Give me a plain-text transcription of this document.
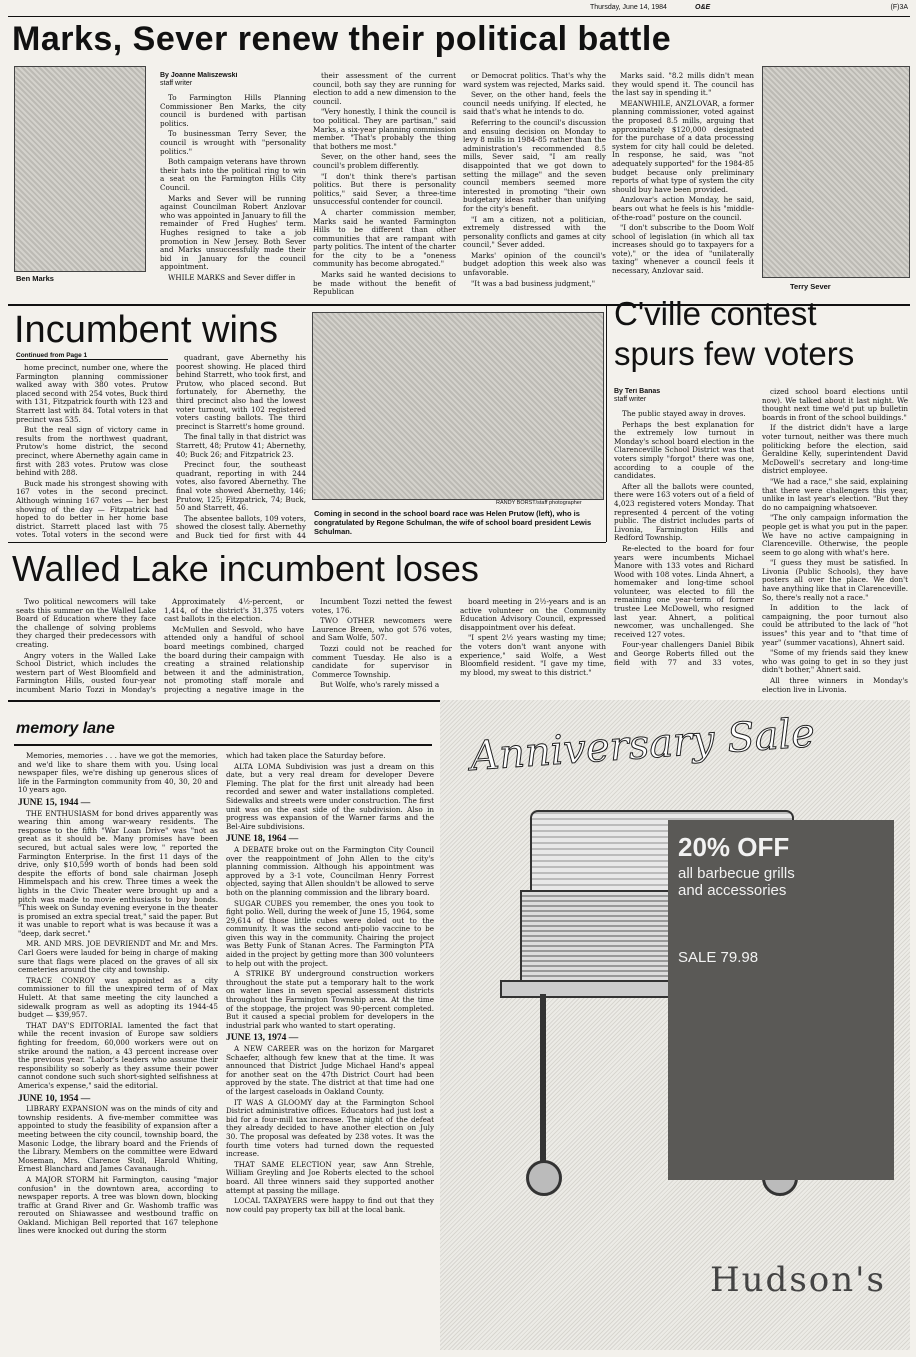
Thursday, June 14, 1984	O&E	(F)3A
Marks, Sever renew their political battle
Ben Marks
By Joanne Maliszewski
staff writer

To Farmington Hills Planning Commissioner Ben Marks, the city council is burdened with partisan politics.

To businessman Terry Sever, the council is wrought with "personality politics."

Both campaign veterans have thrown their hats into the political ring to win a seat on the Farmington Hills City Council.

Marks and Sever will be running against Councilman Robert Anzlovar who was appointed in January to fill the remainder of Fred Hughes' term. Hughes resigned to take a job promotion in New Jersey. Both Sever and Marks unsuccessfully made their bid in January for the council appointment.

WHILE MARKS and Sever differ in

their assessment of the current council, both say they are running for election to add a new dimension to the council.

"Very honestly, I think the council is too political. They are partisan," said Marks, a six-year planning commission member. "That's probably the thing that bothers me most."

Sever, on the other hand, sees the council's problem differently.

"I don't think there's partisan politics. But there is personality politics," said Sever, a three-time unsuccessful contender for council.

A charter commission member, Marks said he wanted Farmington Hills to be different than other communities that are rampant with party politics. The intent of the charter for the city to be a "oneness community has become abrogated."

Marks said he wanted decisions to be made without the benefit of Republican

or Democrat politics. That's why the ward system was rejected, Marks said.

Sever, on the other hand, feels the council needs unifying. If elected, he said that's what he intends to do.

Referring to the council's discussion and ensuing decision on Monday to levy 8 mills in 1984-85 rather than the administration's recommended 8.5 mills, Sever said, "I am really disappointed that we got down to setting the millage" and the seven council members seemed more interested in promoting "their own budgetary ideas rather than unifying for the city's benefit.

"I am a citizen, not a politician, extremely distressed with the personality conflicts and games at city council," Sever added.

Marks' opinion of the council's budget adoption this week also was unfavorable.

"It was a bad business judgment,"

Marks said. "8.2 mills didn't mean they would spend it. The council has the last say in spending it."

MEANWHILE, ANZLOVAR, a former planning commissioner, voted against the proposed 8.5 mills, arguing that approximately $120,000 designated for the purchase of a data processing system for city hall could be deleted. In response, he said, was "not adequately supported" for the 1984-85 budget because only preliminary reports of what type of system the city should buy have been provided.

Anzlovar's action Monday, he said, bears out what he feels is his "middle-of-the-road" posture on the council.

"I don't subscribe to the Doom Wolf school of legislation (in which all tax increases should go to taxpayers for a vote)," or the idea of "unilaterally taxing" whenever a council feels it necessary, Anzlovar said.

Terry Sever
Incumbent wins
Continued from Page 1

home precinct, number one, where the Farmington planning commissioner walked away with 380 votes. Prutow placed second with 254 votes, Buck third with 131, Fitzpatrick fourth with 123 and Starrett last with 84. Total voters in that precinct was 535.

But the real sign of victory came in results from the northwest quadrant, Prutow's home district, the second precinct, where Abernethy again came in first with 283 votes. Prutow was close behind with 288.

Buck made his strongest showing with 167 votes in the second precinct. Although winning 167 votes — her best showing of the day — Fitzpatrick had hoped to do better in her home base district. Starrett placed last with 75 votes. Total voters in the second were

quadrant, gave Abernethy his poorest showing. He placed third behind Starrett, who took first, and Prutow, who placed second. But fortunately, for Abernethy, the third precinct also had the lowest voter turnout, with 102 registered voters casting ballots. The third precinct is Starrett's home ground.

The final tally in that district was Starrett, 48; Prutow 41; Abernethy, 40; Buck 26; and Fitzpatrick 23.

Precinct four, the southeast quadrant, reporting in with 244 votes, also favored Abernethy. The final vote showed Abernethy, 146; Prutow, 125; Fitzpatrick, 74; Buck, 50 and Starrett, 46.

The absentee ballots, 109 voters, showed the closest tally. Abernethy and Buck tied for first with 44

RANDY BORST/staff photographer
Coming in second in the school board race was Helen Prutow (left), who is congratulated by Regone Schulman, the wife of school board president Lewis Schulman.
C'ville contest
spurs few voters
By Teri Banas
staff writer

The public stayed away in droves.

Perhaps the best explanation for the extremely low turnout in Monday's school board election in the Clarenceville School District was that voters simply "forgot" there was one, according to a couple of the candidates.

After all the ballots were counted, there were 163 voters out of a field of 4,023 registered voters Monday. That represented 4 percent of the voting public. The district includes parts of Livonia, Farmington Hills and Redford Township.

Re-elected to the board for four years were incumbents Michael Manore with 133 votes and Richard Wood with 108 votes. Linda Ahnert, a homemaker and long-time school volunteer, was elected to fill the remaining one year-term of former trustee Lee McDowell, who resigned last year. Ahnert, a political newcomer, was unchallenged. She received 127 votes.

Four-year challengers Daniel Bibik and George Roberts filled out the field with 77 and 33 votes,

cized school board elections until now). We talked about it last night. We thought next time we'd put up bulletin boards in front of the school buildings."

If the district didn't have a large voter turnout, neither was there much politicking before the election, said Geraldine Kelly, superintendent David McDowell's secretary and long-time district employee.

"We had a race," she said, explaining that there were challengers this year, unlike in last year's election. "But they do no campaigning whatsoever.

"The only campaign information the people get is what you put in the paper. We have no active campaigning in Clarenceville. Otherwise, the people seem to go along with what's here.

"I guess they must be satisfied. In Livonia (Public Schools), they have posters all over the place. We don't have anything like that in Clarenceville. So, there's really not a race."

In addition to the lack of campaigning, the poor turnout also could be attributed to the lack of "hot issues" this year and to "that time of year" (summer vacations), Ahnert said.

"Some of my friends said they knew who was going to get in so they just didn't bother," Ahnert said.

All three winners in Monday's election live in Livonia.

Walled Lake incumbent loses

Two political newcomers will take seats this summer on the Walled Lake Board of Education where they face the challenge of solving problems they charged their predecessors with creating.

Angry voters in the Walled Lake School District, which includes the western part of West Bloomfield and Farmington Hills, ousted four-year incumbent Mario Tozzi in Monday's

Approximately 4½-percent, or 1,414, of the district's 31,375 voters cast ballots in the election.

McMullen and Sesvold, who have attended only a handful of school board meetings combined, charged the board during their campaign with creating a strained relationship between it and the administration, not promoting staff morale and projecting a negative image in the

Incumbent Tozzi netted the fewest votes, 176.

TWO OTHER newcomers were Laurence Breen, who got 576 votes, and Sam Wolfe, 507.

Tozzi could not be reached for comment Tuesday. He also is a candidate for supervisor in Commerce Township.

But Wolfe, who's rarely missed a

board meeting in 2½-years and is an active volunteer on the Community Education Advisory Council, expressed disappointment over his defeat.

"I spent 2½ years wasting my time; the voters don't want anyone with experience," said Wolfe, a West Bloomfield resident. "I gave my time, my blood, my sweat to this district."

memory lane

Memories, memories . . . have we got the memories, and we'd like to share them with you. Using local newspaper files, we're dishing up generous slices of life in the Farmington community from 40, 30, 20 and 10 years ago.

JUNE 15, 1944 —

THE ENTHUSIASM for bond drives apparently was wearing thin among war-weary residents. The response to the fifth "War Loan Drive" was "not as great as it should be. Many promises have been secured, but actual sales were low, " reported the Farmington Enterprise. In the first 11 days of the drive, only $10,599 worth of bonds had been sold despite the efforts of bond sale chairman Joseph Himmelspach and his crew. Three times a week the lights in the Civic Theater were brought up and a pitch was made to movie enthusiasts to buy bonds. "This week on Sunday evening everyone in the theater is promised an extra special treat," said the paper. But it was unable to report what is was because it was a "deep, dark secret."

MR. AND MRS. JOE DEVRIENDT and Mr. and Mrs. Carl Goers were lauded for being in charge of making sure that flags were placed on the graves of all six cemeteries around the city and township.

TRACE CONROY was appointed as a city commissioner to fill the unexpired term of of Max Hulett. At that same meeting the city launched a sidewalk program as well as adopting its 1944-45 budget — $39,957.

THAT DAY'S EDITORIAL lamented the fact that while the recent invasion of Europe saw soldiers fighting for freedom, 60,000 workers were out on strike around the nation, a 43 percent increase over the previous year. "Labor's leaders who assume their responsibility so soberly as they assume their power cannot condone such such short-sighted selfishness at America's expense," said the editorial.

JUNE 10, 1954 —

LIBRARY EXPANSION was on the minds of city and township residents. A five-member committee was appointed to study the feasibility of expansion after a meeting between the city council, township board, the Masonic Lodge, the library board and the Friends of the Library. Members on the committee were Edward Moseman, Mrs. Clarence Stoll, Harold Whiting, Ernest Blanchard and James Cavanaugh.

A MAJOR STORM hit Farmington, causing "major confusion" in the downtown area, according to newspaper reports. A tree was blown down, blocking traffic at Grand River and Gr. Washomb traffic was rerouted on Shiawassee and westbound traffic on Oakland. Michigan Bell reported that 167 telephone lines were knocked out during the storm

which had taken place the Saturday before.

ALTA LOMA Subdivision was just a dream on this date, but a very real dream for developer Devere Fleming. The plat for the first unit already had been recorded and sewer and water installations completed. Sidewalks and streets were under construction. The first unit was on the east side of the subdivision. Also in progress was expansion of the Warner farms and the Bel-Aire subdivisions.

JUNE 18, 1964 —

A DEBATE broke out on the Farmington City Council over the reappointment of John Allen to the city's planning commission. Although his appointment was approved by a 3-1 vote, Councilman Henry Forrest objected, saying that Allen shouldn't be allowed to serve both on the planning commission and the library board.

SUGAR CUBES you remember, the ones you took to fight polio. Well, during the week of June 15, 1964, some 29,614 of those little cubes were doled out to the community. It was the second anti-polio vaccine to be given this way in the community. Chairing the project was Betty Funk of Stanan Acres. The Farmington PTA aided in the project by getting more than 300 volunteers to help out with the project.

A STRIKE BY underground construction workers throughout the state put a temporary halt to the work on water lines in seven special assessment districts throughout the Farmington Township area. At the time of the stoppage, the project was 90-percent completed. But it caused a special problem for developers in the industrial park who wanted to start operating.

JUNE 13, 1974 —

A NEW CAREER was on the horizon for Margaret Schaefer, although few knew that at the time. It was announced that District Judge Michael Hand's appeal for another seat on the 47th District Court had been approved by the state. The district at that time had one of the largest caseloads in Oakland County.

IT WAS A GLOOMY day at the Farmington School District administrative offices. Educators had just lost a bid for a four-mill tax increase. The night of the defeat they already decided to have another election on July 30. The proposal was defeated by 238 votes. It was the fourth time voters had turned down the requested increase.

THAT SAME ELECTION year, saw Ann Strehle, William Greyling and Joe Roberts elected to the school board. All three winners said they supported another attempt at passing the millage.

LOCAL TAXPAYERS were happy to find out that they now could pay property tax bill at the local bank.

Anniversary Sale
20% OFF
all barbecue grills
and accessories
SALE 79.98
Hudson's
